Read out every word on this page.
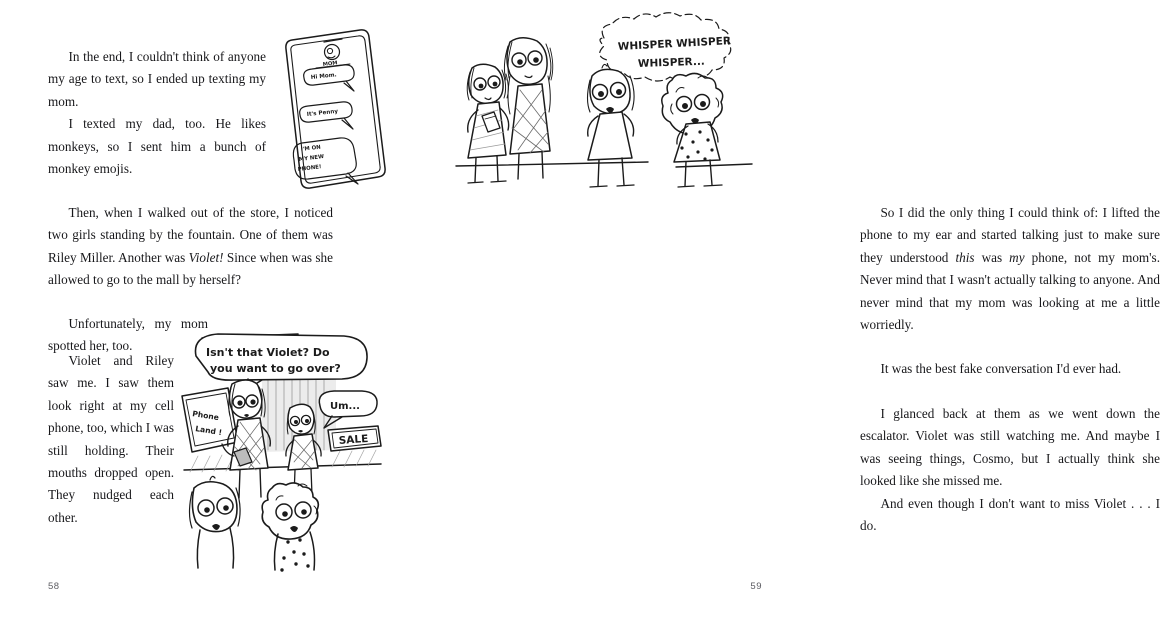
In the end, I couldn't think of anyone my age to text, so I ended up texting my mom.

I texted my dad, too. He likes monkeys, so I sent him a bunch of monkey emojis.

Then, when I walked out of the store, I noticed two girls standing by the fountain. One of them was Riley Miller. Another was Violet! Since when was she allowed to go to the mall by herself?

Unfortunately, my mom spotted her, too.

Violet and Riley saw me. I saw them look right at my cell phone, too, which I was still holding. Their mouths dropped open. They nudged each other.

MOM
Hi Mom.
It's Penny
I'M ON
MY NEW
PHONE!
Isn't that Violet? Do
you want to go over?
Phone
Land !
Um...
SALE
58

So I did the only thing I could think of: I lifted the phone to my ear and started talking just to make sure they understood this was my phone, not my mom's. Never mind that I wasn't actually talking to anyone. And never mind that my mom was looking at me a little worriedly.

It was the best fake conversation I'd ever had.

I glanced back at them as we went down the escalator. Violet was still watching me. And maybe I was seeing things, Cosmo, but I actually think she looked like she missed me.

And even though I don't want to miss Violet . . . I do.

59
WHISPER WHISPER
WHISPER...
